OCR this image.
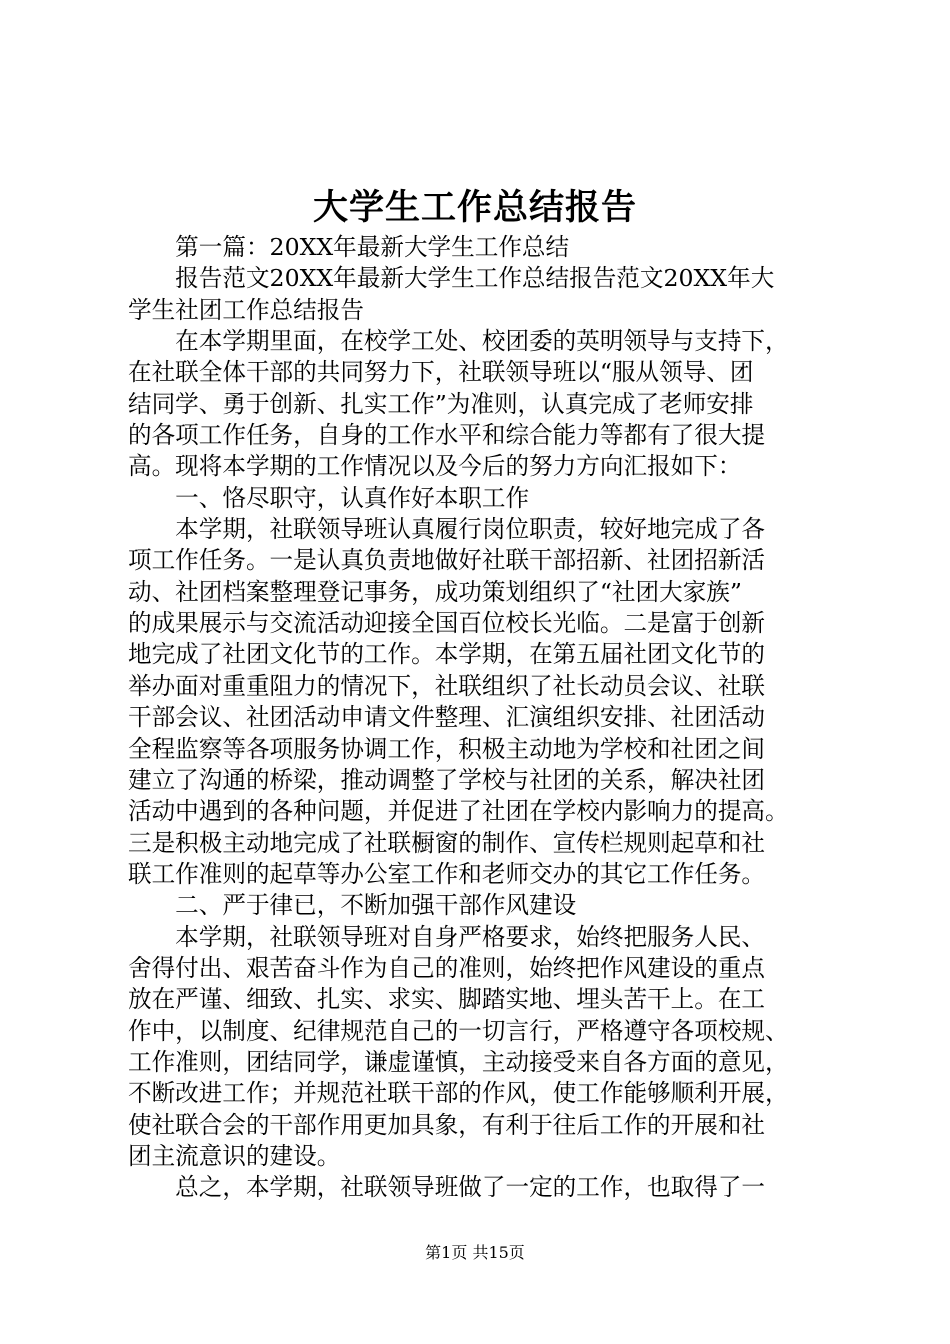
大学生工作总结报告
　　第一篇：20XX年最新大学生工作总结
　　报告范文20XX年最新大学生工作总结报告范文20XX年大
学生社团工作总结报告
　　在本学期里面，在校学工处、校团委的英明领导与支持下，
在社联全体干部的共同努力下，社联领导班以“服从领导、团
结同学、勇于创新、扎实工作”为准则，认真完成了老师安排
的各项工作任务，自身的工作水平和综合能力等都有了很大提
高。现将本学期的工作情况以及今后的努力方向汇报如下：
　　一、恪尽职守，认真作好本职工作
　　本学期，社联领导班认真履行岗位职责，较好地完成了各
项工作任务。一是认真负责地做好社联干部招新、社团招新活
动、社团档案整理登记事务，成功策划组织了“社团大家族”
的成果展示与交流活动迎接全国百位校长光临。二是富于创新
地完成了社团文化节的工作。本学期，在第五届社团文化节的
举办面对重重阻力的情况下，社联组织了社长动员会议、社联
干部会议、社团活动申请文件整理、汇演组织安排、社团活动
全程监察等各项服务协调工作，积极主动地为学校和社团之间
建立了沟通的桥梁，推动调整了学校与社团的关系，解决社团
活动中遇到的各种问题，并促进了社团在学校内影响力的提高。
三是积极主动地完成了社联橱窗的制作、宣传栏规则起草和社
联工作准则的起草等办公室工作和老师交办的其它工作任务。
　　二、严于律已，不断加强干部作风建设
　　本学期，社联领导班对自身严格要求，始终把服务人民、
舍得付出、艰苦奋斗作为自己的准则，始终把作风建设的重点
放在严谨、细致、扎实、求实、脚踏实地、埋头苦干上。在工
作中，以制度、纪律规范自己的一切言行，严格遵守各项校规、
工作准则，团结同学，谦虚谨慎，主动接受来自各方面的意见，
不断改进工作；并规范社联干部的作风，使工作能够顺利开展，
使社联合会的干部作用更加具象，有利于往后工作的开展和社
团主流意识的建设。
　　总之，本学期，社联领导班做了一定的工作，也取得了一
第1页 共15页
